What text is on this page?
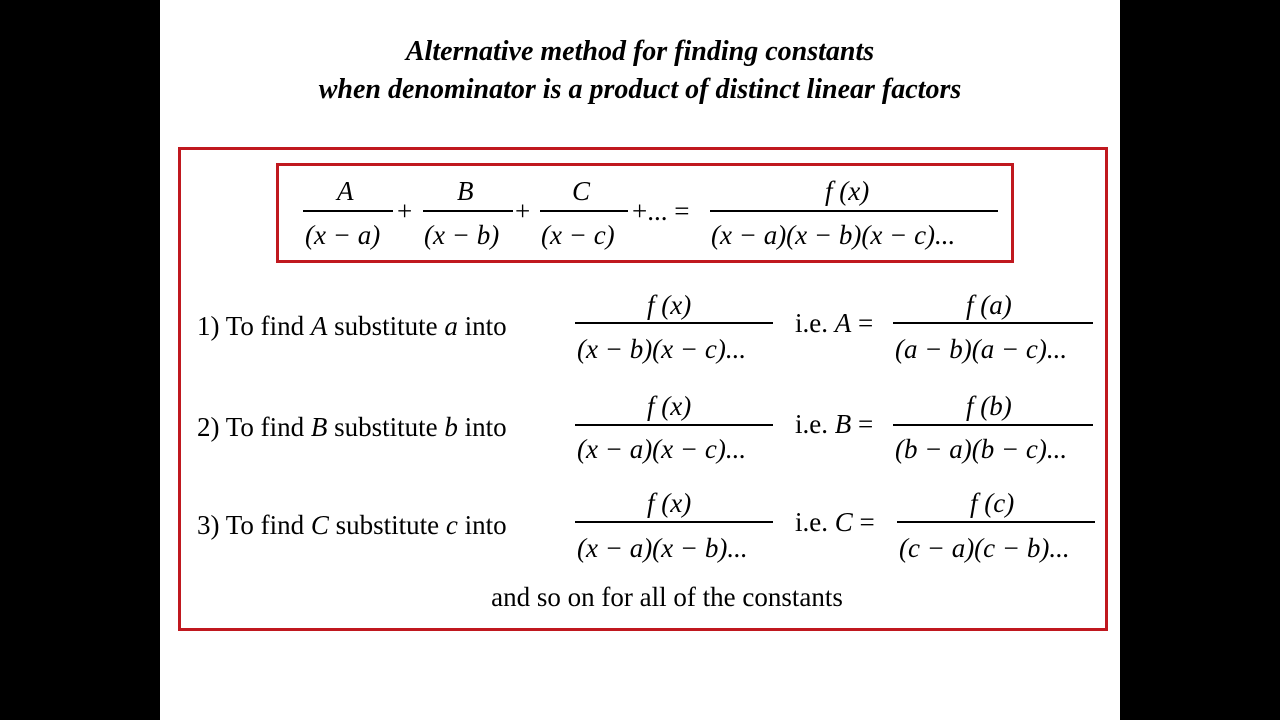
Alternative method for finding constants
when denominator is a product of distinct linear factors
A
(x − a)
+
B
(x − b)
+
C
(x − c)
+... =
f (x)
(x − a)(x − b)(x − c)...
1) To find A substitute a into
f (x)
(x − b)(x − c)...
i.e. A =
f (a)
(a − b)(a − c)...
2) To find B substitute b into
f (x)
(x − a)(x − c)...
i.e. B =
f (b)
(b − a)(b − c)...
3) To find C substitute c into
f (x)
(x − a)(x − b)...
i.e. C =
f (c)
(c − a)(c − b)...
and so on for all of the constants
